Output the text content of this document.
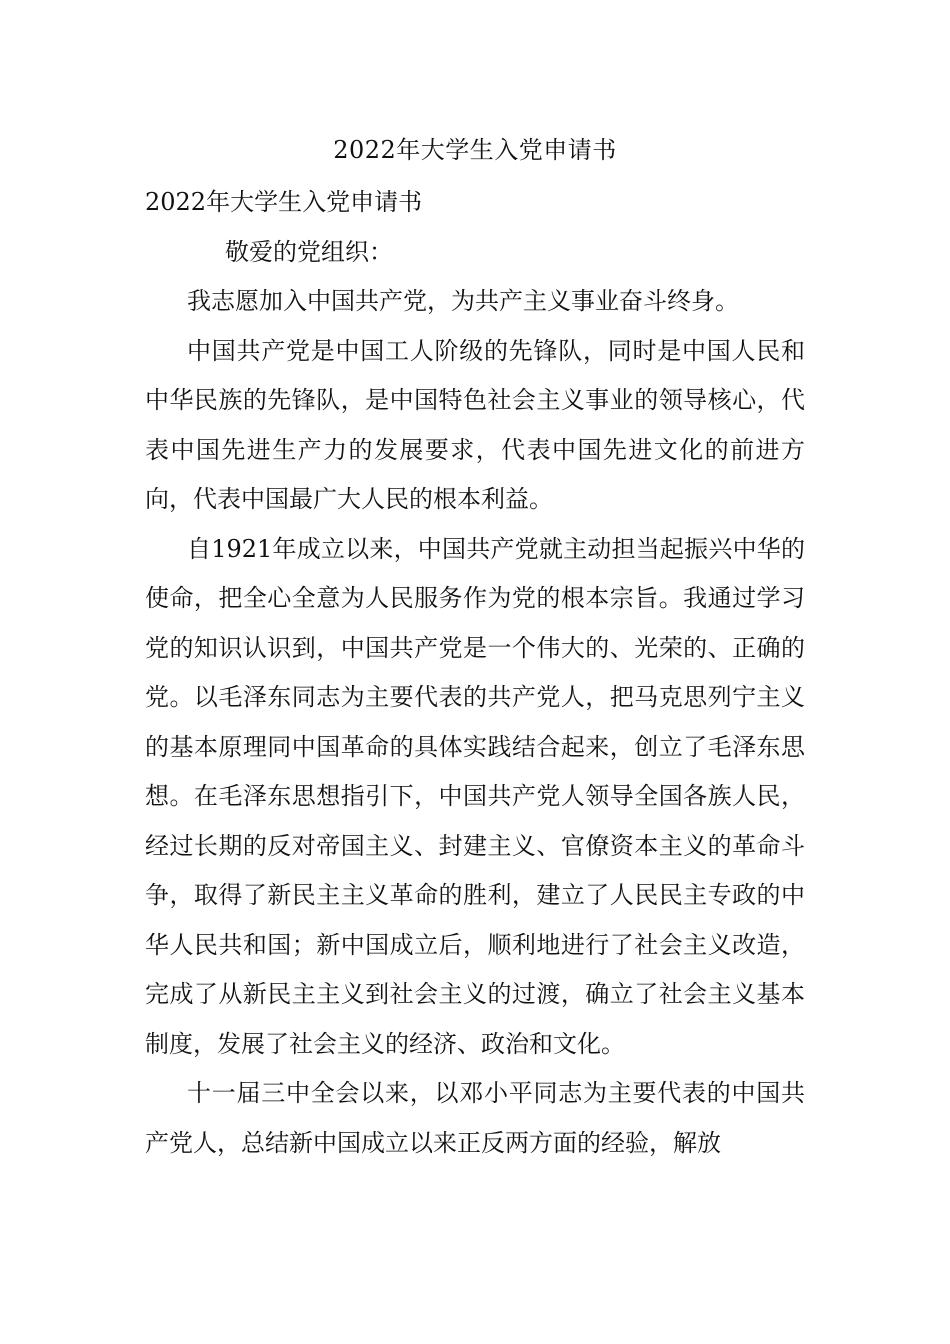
2022年大学生入党申请书

2022年大学生入党申请书

敬爱的党组织：

我志愿加入中国共产党，为共产主义事业奋斗终身。

中国共产党是中国工人阶级的先锋队，同时是中国人民和中华民族的先锋队，是中国特色社会主义事业的领导核心，代表中国先进生产力的发展要求，代表中国先进文化的前进方向，代表中国最广大人民的根本利益。

自1921年成立以来，中国共产党就主动担当起振兴中华的使命，把全心全意为人民服务作为党的根本宗旨。我通过学习党的知识认识到，中国共产党是一个伟大的、光荣的、正确的党。以毛泽东同志为主要代表的共产党人，把马克思列宁主义的基本原理同中国革命的具体实践结合起来，创立了毛泽东思想。在毛泽东思想指引下，中国共产党人领导全国各族人民，经过长期的反对帝国主义、封建主义、官僚资本主义的革命斗争，取得了新民主主义革命的胜利，建立了人民民主专政的中华人民共和国；新中国成立后，顺利地进行了社会主义改造，完成了从新民主主义到社会主义的过渡，确立了社会主义基本制度，发展了社会主义的经济、政治和文化。

十一届三中全会以来，以邓小平同志为主要代表的中国共产党人，总结新中国成立以来正反两方面的经验，解放
